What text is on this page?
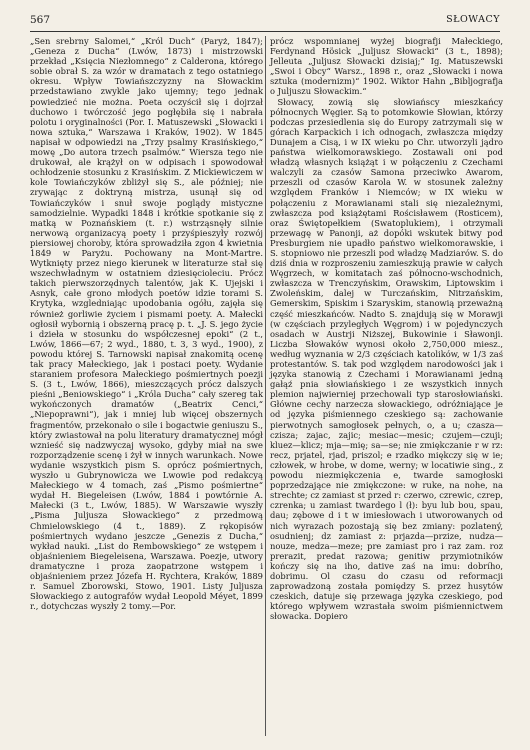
567	SŁOWACY

„Sen srebrny Salomei,“ „Król Duch“ (Paryż, 1847); „Geneza z Ducha“ (Lwów, 1873) i mistrzowski przekład „Księcia Niezłomnego“ z Calderona, którego sobie obrał S. za wzór w dramatach z tego ostatniego okresu. Wpływ Towiańszczyzny na Słowackim przedstawiano zwykle jako ujemny; tego jednak powiedzieć nie można. Poeta oczyścił się i dojrzał duchowo i twórczość jego pogłębiła się i nabrała polotu i oryginalności (Por. I. Matuszewski „Słowacki i nowa sztuka,“ Warszawa i Kraków, 1902). W 1845 napisał w odpowiedzi na „Trzy psalmy Krasińskiego,“ mowę „Do autora trzech psalmów.“ Wiersza tego nie drukował, ale krążył on w odpisach i spowodował ochłodzenie stosunku z Krasińskim. Z Mickiewiczem w kole Towiańczyków zbliżył się S., ale później; nie zrywając z doktryną mistrza, usunął się od Towiańczyków i snuł swoje poglądy mistyczne samodzielnie. Wypadki 1848 i krótkie spotkanie się z matką w Poznańskiem (t. r.) wstrząsnęły silnie nerwową organizacyą poety i przyśpieszyły rozwój piersiowej choroby, która sprowadziła zgon 4 kwietnia 1849 w Paryżu. Pochowany na Mont-Martre. Wytknięty przez niego kierunek w literaturze stał się wszechwładnym w ostatniem dziesięcioleciu. Prócz takich pierwszorzędnych talentów, jak K. Ujejski i Asnyk, całe grono młodych poetów idzie torami S. Krytyka, wzgledniając upodobania ogółu, zajęła się również gorliwie życiem i pismami poety. A. Małecki ogłosił wybornią i obszerną pracę p. t. „J. S. jego życie i dzieła w stosunku do współczesnej epoki“ (2 t., Lwów, 1866—67; 2 wyd., 1880, t. 3, 3 wyd., 1900), z powodu której S. Tarnowski napisał znakomitą ocenę tak pracy Małeckiego, jak i postaci poety. Wydanie staraniem profesora Małeckiego pośmiertnych poezji S. (3 t., Lwów, 1866), mieszczących prócz dalszych pieśni „Beniowskiego“ i „Króla Ducha“ cały szereg tak wykończonych dramatów („Beatrix Cenci,“ „Niepoprawni“), jak i mniej lub więcej obszernych fragmentów, przekonało o sile i bogactwie geniuszu S., który zwiastował na polu literatury dramatycznej mógł wznieść się nadzwyczaj wysoko, gdyby miał na swe rozporządzenie scenę i żył w innych warunkach. Nowe wydanie wszystkich pism S. oprócz pośmiertnych, wyszło u Gubrynowicza we Lwowie pod redakcyą Małeckiego w 4 tomach, zaś „Pismo pośmiertne“ wydał H. Biegeleisen (Lwów, 1884 i powtórnie A. Małecki (3 t., Lwów, 1885). W Warszawie wyszły „Pisma Juljusza Słowackiego“ z przedmową Chmielowskiego (4 t., 1889). Z rękopisów pośmiertnych wydano jeszcze „Genezis z Ducha,“ wykład nauki. „List do Rembowskiego“ ze wstępem i objaśnieniem Biegeleisena, Warszawa. Poezje, utwory dramatyczne i proza zaopatrzone wstępem i objaśnieniem przez Józefa H. Rychtera, Kraków, 1889 r. Samuel Zborowski, Stowo, 1901. Listy Juljusza Słowackiego z autografów wydał Leopold Méyet, 1899 r., dotychczas wyszły 2 tomy.—Por.

prócz wspomnianej wyżej biografji Małeckiego, Ferdynand Hösick „Juljusz Słowacki“ (3 t., 1898); Jelleuta „Juljusz Słowacki dzisiaj;“ Ig. Matuszewski „Swoi i Obcy“ Warsz., 1898 r., oraz „Słowacki i nowa sztuka (modernizm)“ 1902. Wiktor Hahn „Bibljografja o Juljuszu Słowackim.“

Słowacy, zowią się słowiańscy mieszkańcy północnych Węgier. Są to potomkowie Słowian, którzy podczas przesiedlenia się do Europy zatrzymali się w górach Karpackich i ich odnogach, zwłaszcza między Dunajem a Cisą, i w IX wieku po Chr. utworzyli jądro państwa wielkomorawskiego. Zostawali oni pod władzą własnych książąt i w połączeniu z Czechami walczyli za czasów Samona przeciwko Awarom, przeszli od czasów Karola W. w stosunek zależny względem Franków i Niemców; w IX wieku w połączeniu z Morawianami stali się niezależnymi, zwłaszcza pod książętami Rościsławem (Rosticem), oraz Świętopełkiem (Swatoplukiem), i otrzymali przewagę w Panonji, aż dopóki wskutek bitwy pod Presburgiem nie upadło państwo wielkomorawskie, i S. stopniowo nie przeszli pod władzę Madziarów. S. do dziś dnia w rozproszeniu zamieszkują prawie w całych Węgrzech, w komitatach zaś północno-wschodnich, zwłaszcza w Trenczyńskim, Orawskim, Liptowskim i Zwoleńskim, dalej w Turczańskim, Nitrzańskim, Gemerskim, Spiskim i Szaryskim, stanowią przeważną część mieszkańców. Nadto S. znajdują się w Morawji (w częściach przyległych Węgrom) i w pojedynczych osadach w Austrji Niższej, Bukowinie i Sławonji. Liczba Słowaków wynosi około 2,750,000 miesz., według wyznania w 2/3 częściach katolików, w 1/3 zaś protestantów. S. tak pod względem narodowości jak i języka stanowią z Czechami i Morawianami jedną gałąź pnia słowiańskiego i ze wszystkich innych plemion najwierniej przechowali typ starosłowiański. Główne cechy narzecza słowackiego, odróżniające je od języka piśmiennego czeskiego są: zachowanie pierwotnych samogłosek pełnych, o, a u; czasza—czisza; zajac, zajic; mesiac—mesic; czujem—czuji; kluez—klicz; mja—mię; sa—se; nie zmiękczanie r w rz: recz, prjatel, rjad, priszol; e rzadko miękczy się w ie; człowek, w hrobe, w dome, werny; w locatiwie sing., z powodu niezmiękczenia e, twarde samogłoski poprzedzające nie zmiękczone: w ruke, na nohe, na strechte; cz zamiast st przed r: czerwo, czrewic, czrep, czrenka; u zamiast twardego l (ł): byu lub bou, spau, dau; zębowe d i t w imiesłowach i utworowanych od nich wyrazach pozostają się bez zmiany: pozlatený, osudnienj; dz zamiast z: prjazda—przize, nudza—nouze, medza—meze; pre zamiast pro i raz zam. roz prerazit, predat razowa; genitiw przymiotników kończy się na iho, dative zaś na imu: dobrího, dobrimu. Ol czasu do czasu od reformacji zaprowadzoną została pomiędzy S. przez husytów czeskich, datuje się przewaga języka czeskiego, pod którego wpływem wzrastała swoim piśmiennictwem słowacka. Dopiero
